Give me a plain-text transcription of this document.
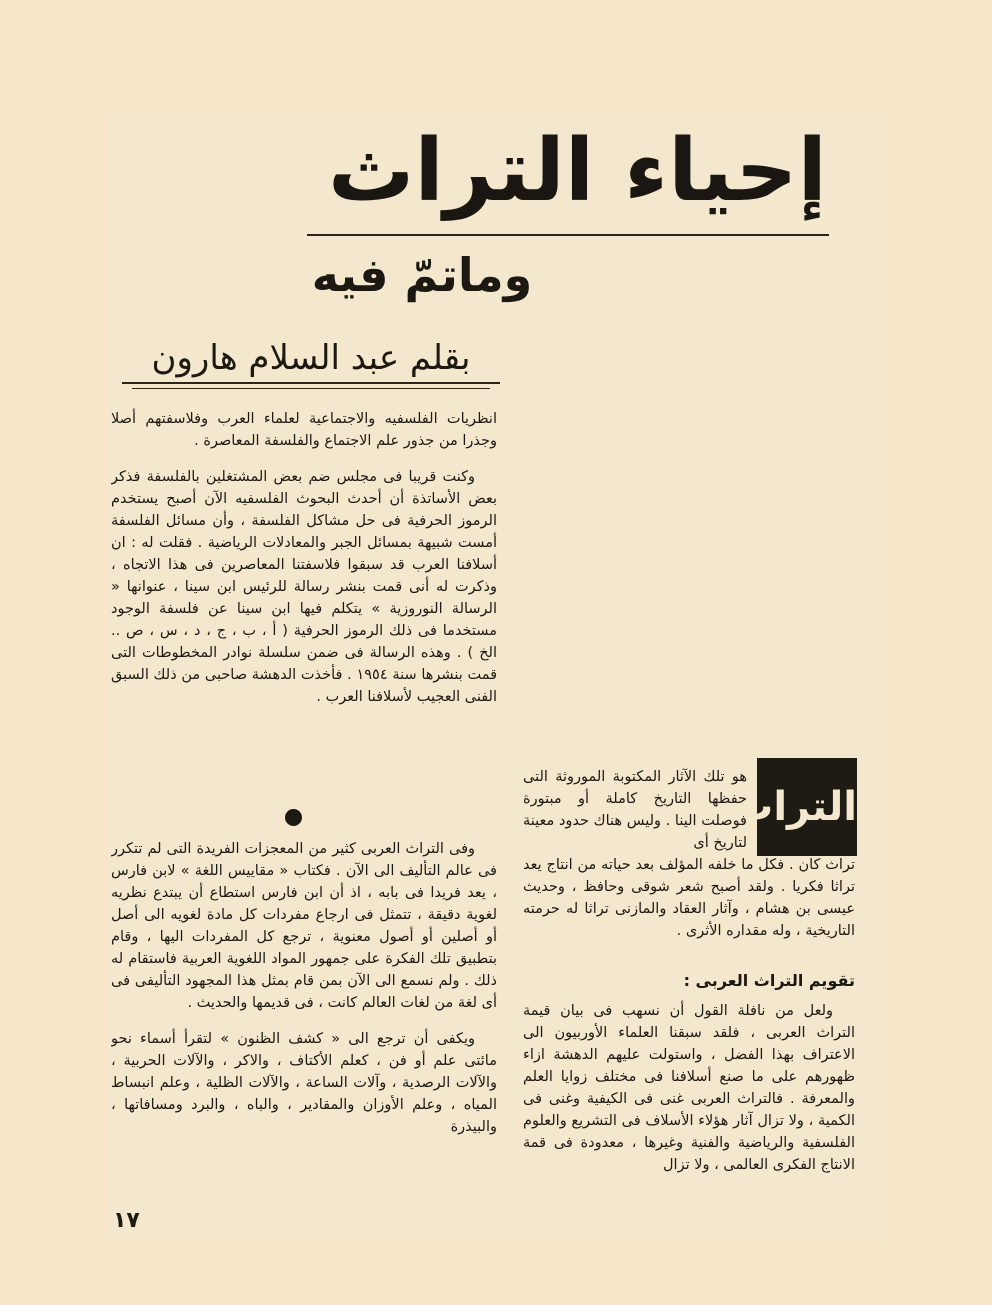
إحياء التراث
وماتمّ فيه
بقلم عبد السلام هارون

انظريات الفلسفيه والاجتماعية لعلماء العرب وفلاسفتهم أصلا وجذرا من جذور علم الاجتماع والفلسفة المعاصرة .

وكنت قريبا فى مجلس ضم بعض المشتغلين بالفلسفة فذكر بعض الأساتذة أن أحدث البحوث الفلسفيه الآن أصبح يستخدم الرموز الحرفية فى حل مشاكل الفلسفة ، وأن مسائل الفلسفة أمست شبيهة بمسائل الجبر والمعادلات الرياضية . فقلت له : ان أسلافنا العرب قد سبقوا فلاسفتنا المعاصرين فى هذا الاتجاه ، وذكرت له أنى قمت بنشر رسالة للرئيس ابن سينا ، عنوانها « الرسالة النوروزية » يتكلم فيها ابن سينا عن فلسفة الوجود مستخدما فى ذلك الرموز الحرفية ( أ ، ب ، ج ، د ، س ، ص .. الخ ) . وهذه الرسالة فى ضمن سلسلة نوادر المخطوطات التى قمت بنشرها سنة ١٩٥٤ . فأخذت الدهشة صاحبى من ذلك السبق الفنى العجيب لأسلافنا العرب .

وفى التراث العربى كثير من المعجزات الفريدة التى لم تتكرر فى عالم التأليف الى الآن . فكتاب « مقاييس اللغة » لابن فارس ، يعد فريدا فى بابه ، اذ أن ابن فارس استطاع أن يبتدع نظريه لغوية دقيقة ، تتمثل فى ارجاع مفردات كل مادة لغويه الى أصل أو أصلين أو أصول معنوية ، ترجع كل المفردات اليها ، وقام بتطبيق تلك الفكرة على جمهور المواد اللغوية العربية فاستقام له ذلك . ولم نسمع الى الآن بمن قام بمثل هذا المجهود التأليفى فى أى لغة من لغات العالم كانت ، فى قديمها والحديث .

ويكفى أن ترجع الى « كشف الظنون » لتقرأ أسماء نحو مائتى علم أو فن ، كعلم الأكتاف ، والاكر ، والآلات الحربية ، والآلات الرصدية ، وآلات الساعة ، والآلات الظلية ، وعلم انبساط المياه ، وعلم الأوزان والمقادير ، والباه ، والبرد ومسافاتها ، والبيذرة

التراث

هو تلك الآثار المكتوبة الموروثة التى حفظها التاريخ كاملة أو مبتورة فوصلت الينا . وليس هناك حدود معينة لتاريخ أى

تراث كان . فكل ما خلفه المؤلف بعد حياته من انتاج يعد تراثا فكريا . ولقد أصبح شعر شوقى وحافظ ، وحديث عيسى بن هشام ، وآثار العقاد والمازنى تراثا له حرمته التاريخية ، وله مقداره الأثرى .

تقويم التراث العربى :

ولعل من نافلة القول أن نسهب فى بيان قيمة التراث العربى ، فلقد سبقنا العلماء الأوربيون الى الاعتراف بهذا الفضل ، واستولت عليهم الدهشة ازاء ظهورهم على ما صنع أسلافنا فى مختلف زوايا العلم والمعرفة . فالتراث العربى غنى فى الكيفية وغنى فى الكمية ، ولا تزال آثار هؤلاء الأسلاف فى التشريع والعلوم الفلسفية والرياضية والفنية وغيرها ، معدودة فى قمة الانتاج الفكرى العالمى ، ولا تزال

١٧
